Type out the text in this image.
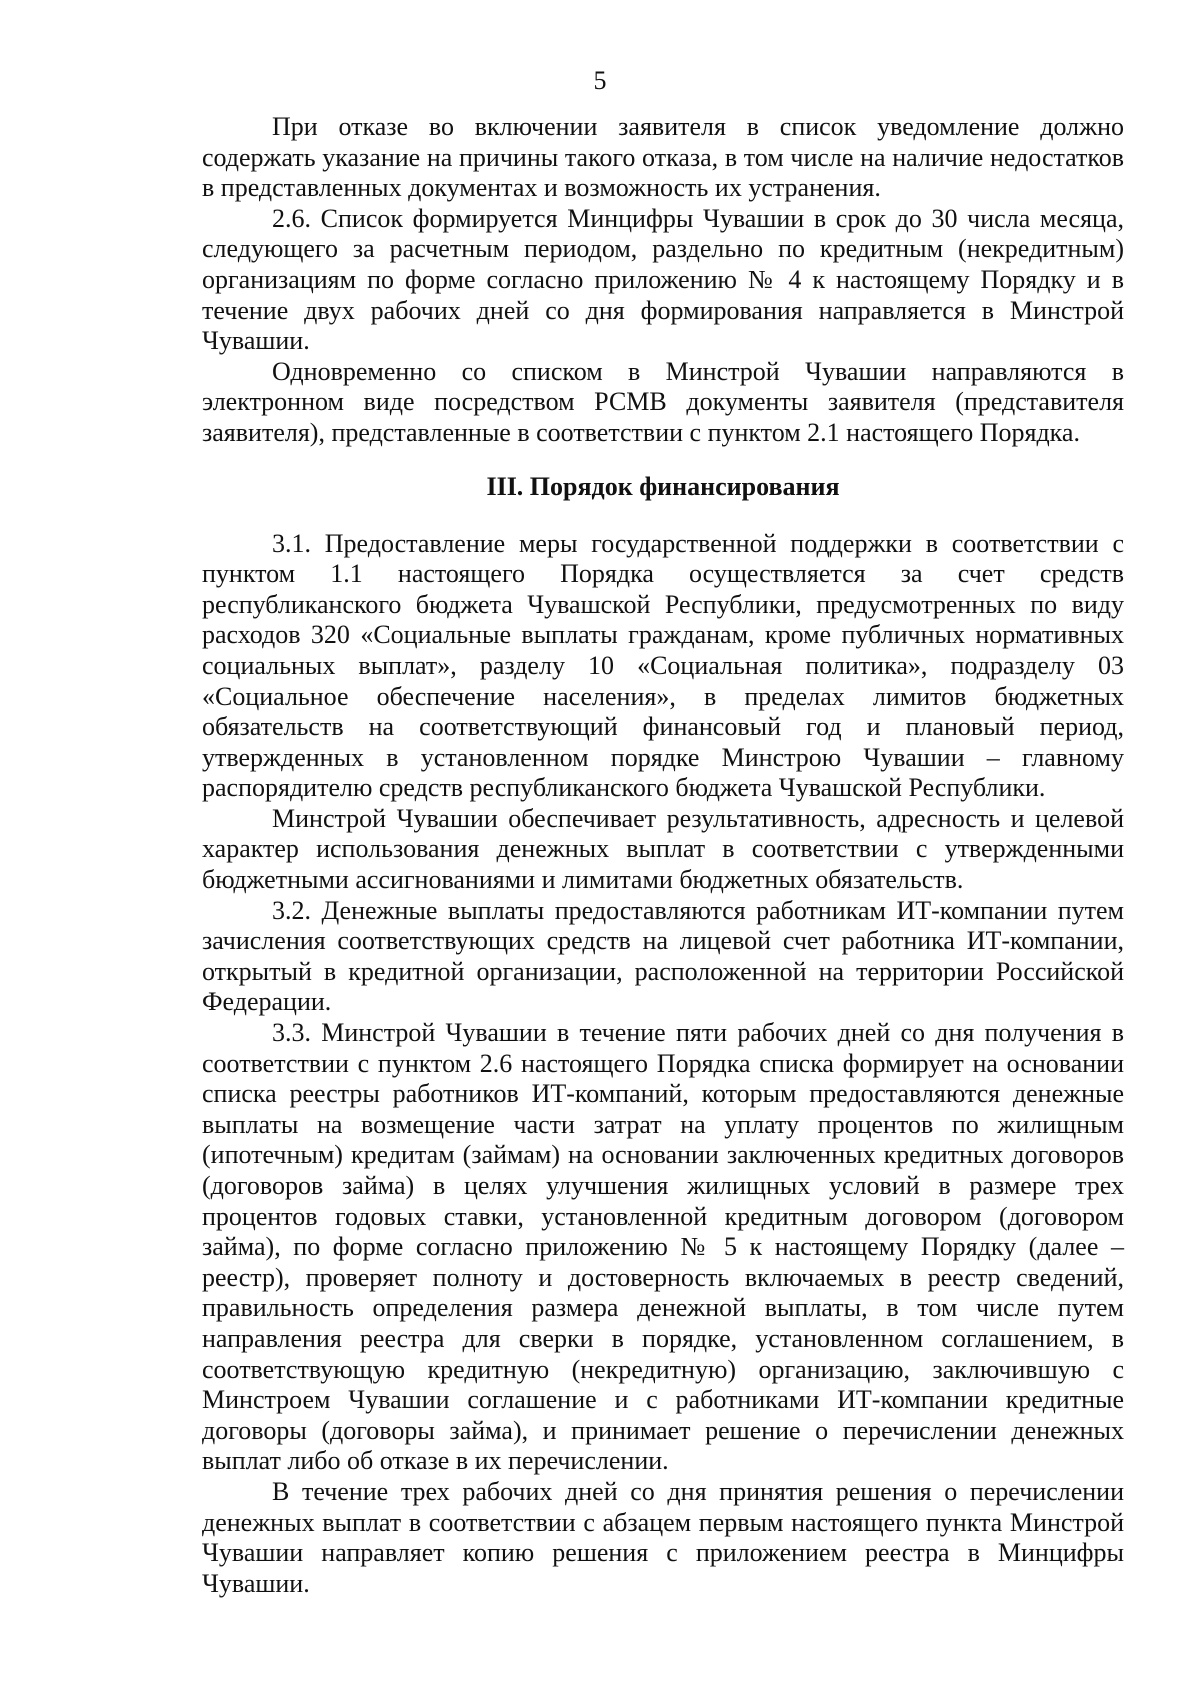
5

При отказе во включении заявителя в список уведомление должно содержать указание на причины такого отказа, в том числе на наличие недостатков в представленных документах и возможность их устранения.

2.6. Список формируется Минцифры Чувашии в срок до 30 числа месяца, следующего за расчетным периодом, раздельно по кредитным (некредитным) организациям по форме согласно приложению № 4 к настоящему Порядку и в течение двух рабочих дней со дня формирования направляется в Минстрой Чувашии.

Одновременно со списком в Минстрой Чувашии направляются в электронном виде посредством РСМВ документы заявителя (представителя заявителя), представленные в соответствии с пунктом 2.1 настоящего Порядка.

III. Порядок финансирования

3.1. Предоставление меры государственной поддержки в соответствии с пунктом 1.1 настоящего Порядка осуществляется за счет средств республиканского бюджета Чувашской Республики, предусмотренных по виду расходов 320 «Социальные выплаты гражданам, кроме публичных нормативных социальных выплат», разделу 10 «Социальная политика», подразделу 03 «Социальное обеспечение населения», в пределах лимитов бюджетных обязательств на соответствующий финансовый год и плановый период, утвержденных в установленном порядке Минстрою Чувашии – главному распорядителю средств республиканского бюджета Чувашской Республики.

Минстрой Чувашии обеспечивает результативность, адресность и целевой характер использования денежных выплат в соответствии с утвержденными бюджетными ассигнованиями и лимитами бюджетных обязательств.

3.2. Денежные выплаты предоставляются работникам ИТ-компании путем зачисления соответствующих средств на лицевой счет работника ИТ-компании, открытый в кредитной организации, расположенной на территории Российской Федерации.

3.3. Минстрой Чувашии в течение пяти рабочих дней со дня получения в соответствии с пунктом 2.6 настоящего Порядка списка формирует на основании списка реестры работников ИТ-компаний, которым предоставляются денежные выплаты на возмещение части затрат на уплату процентов по жилищным (ипотечным) кредитам (займам) на основании заключенных кредитных договоров (договоров займа) в целях улучшения жилищных условий в размере трех процентов годовых ставки, установленной кредитным договором (договором займа), по форме согласно приложению № 5 к настоящему Порядку (далее – реестр), проверяет полноту и достоверность включаемых в реестр сведений, правильность определения размера денежной выплаты, в том числе путем направления реестра для сверки в порядке, установленном соглашением, в соответствующую кредитную (некредитную) организацию, заключившую с Минстроем Чувашии соглашение и с работниками ИТ-компании кредитные договоры (договоры займа), и принимает решение о перечислении денежных выплат либо об отказе в их перечислении.

В течение трех рабочих дней со дня принятия решения о перечислении денежных выплат в соответствии с абзацем первым настоящего пункта Минстрой Чувашии направляет копию решения с приложением реестра в Минцифры Чувашии.
